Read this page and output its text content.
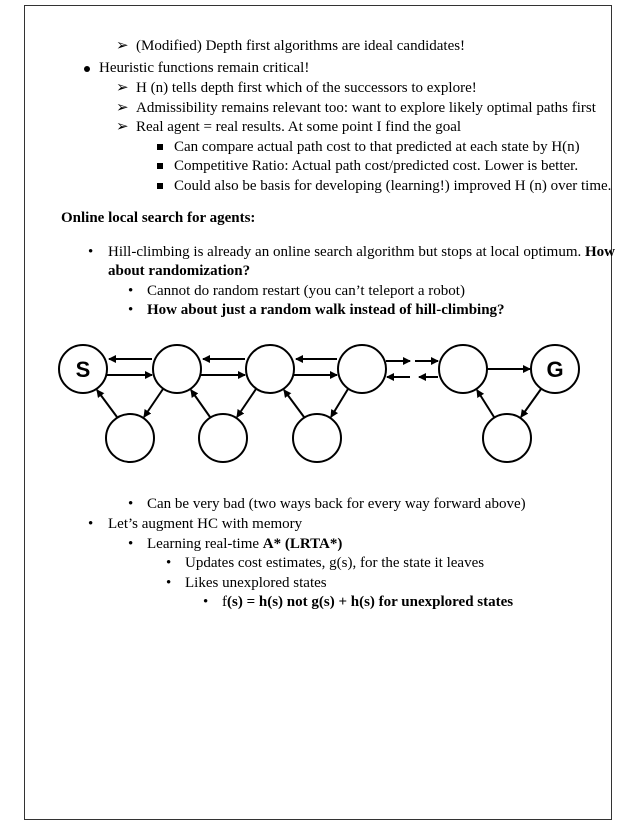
➢ (Modified) Depth first algorithms are ideal candidates!
Heuristic functions remain critical!
➢ H (n) tells depth first which of the successors to explore!
➢ Admissibility remains relevant too: want to explore likely optimal paths first
➢ Real agent = real results. At some point I find the goal
Can compare actual path cost to that predicted at each state by H(n)
Competitive Ratio: Actual path cost/predicted cost. Lower is better.
Could also be basis for developing (learning!) improved H (n) over time.
Online local search for agents:
• Hill-climbing is already an online search algorithm but stops at local optimum. How
about randomization?
• Cannot do random restart (you can’t teleport a robot)
• How about just a random walk instead of hill-climbing?
S	G
• Can be very bad (two ways back for every way forward above)
• Let’s augment HC with memory
• Learning real-time A* (LRTA*)
• Updates cost estimates, g(s), for the state it leaves
• Likes unexplored states
• f(s) = h(s) not g(s) + h(s) for unexplored states
